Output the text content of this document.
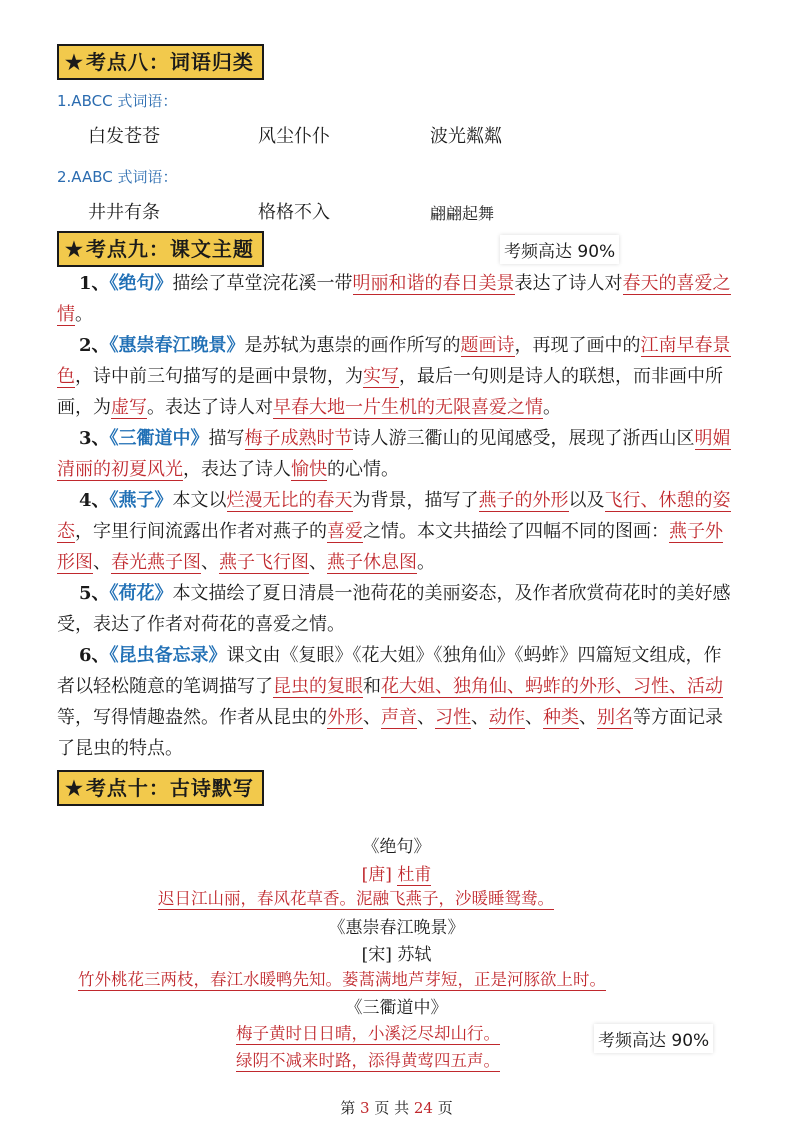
★ 考点八：词语归类
1.ABCC 式词语：
白发苍苍	风尘仆仆	波光粼粼
2.AABC 式词语：
井井有条	格格不入	翩翩起舞
★ 考点九：课文主题	考频高达 90%

1、《绝句》描绘了草堂浣花溪一带明丽和谐的春日美景表达了诗人对春天的喜爱之情。

2、《惠崇春江晚景》是苏轼为惠崇的画作所写的题画诗，再现了画中的江南早春景色，诗中前三句描写的是画中景物，为实写，最后一句则是诗人的联想，而非画中所画，为虚写。表达了诗人对早春大地一片生机的无限喜爱之情。

3、《三衢道中》描写梅子成熟时节诗人游三衢山的见闻感受，展现了浙西山区明媚清丽的初夏风光，表达了诗人愉快的心情。

4、《燕子》本文以烂漫无比的春天为背景，描写了燕子的外形以及飞行、休憩的姿态，字里行间流露出作者对燕子的喜爱之情。本文共描绘了四幅不同的图画：燕子外形图、春光燕子图、燕子飞行图、燕子休息图。

5、《荷花》本文描绘了夏日清晨一池荷花的美丽姿态，及作者欣赏荷花时的美好感受，表达了作者对荷花的喜爱之情。

6、《昆虫备忘录》课文由《复眼》《花大姐》《独角仙》《蚂蚱》四篇短文组成，作者以轻松随意的笔调描写了昆虫的复眼和花大姐、独角仙、蚂蚱的外形、习性、活动等，写得情趣盎然。作者从昆虫的外形、声音、习性、动作、种类、别名等方面记录了昆虫的特点。

★ 考点十：古诗默写
《绝句》
[唐] 杜甫
迟日江山丽，春风花草香。泥融飞燕子，沙暖睡鸳鸯。
《惠崇春江晚景》
[宋] 苏轼
竹外桃花三两枝，春江水暖鸭先知。蒌蒿满地芦芽短，正是河豚欲上时。
《三衢道中》
梅子黄时日日晴，小溪泛尽却山行。
绿阴不减来时路，添得黄莺四五声。
考频高达 90%
第 3 页 共 24 页
